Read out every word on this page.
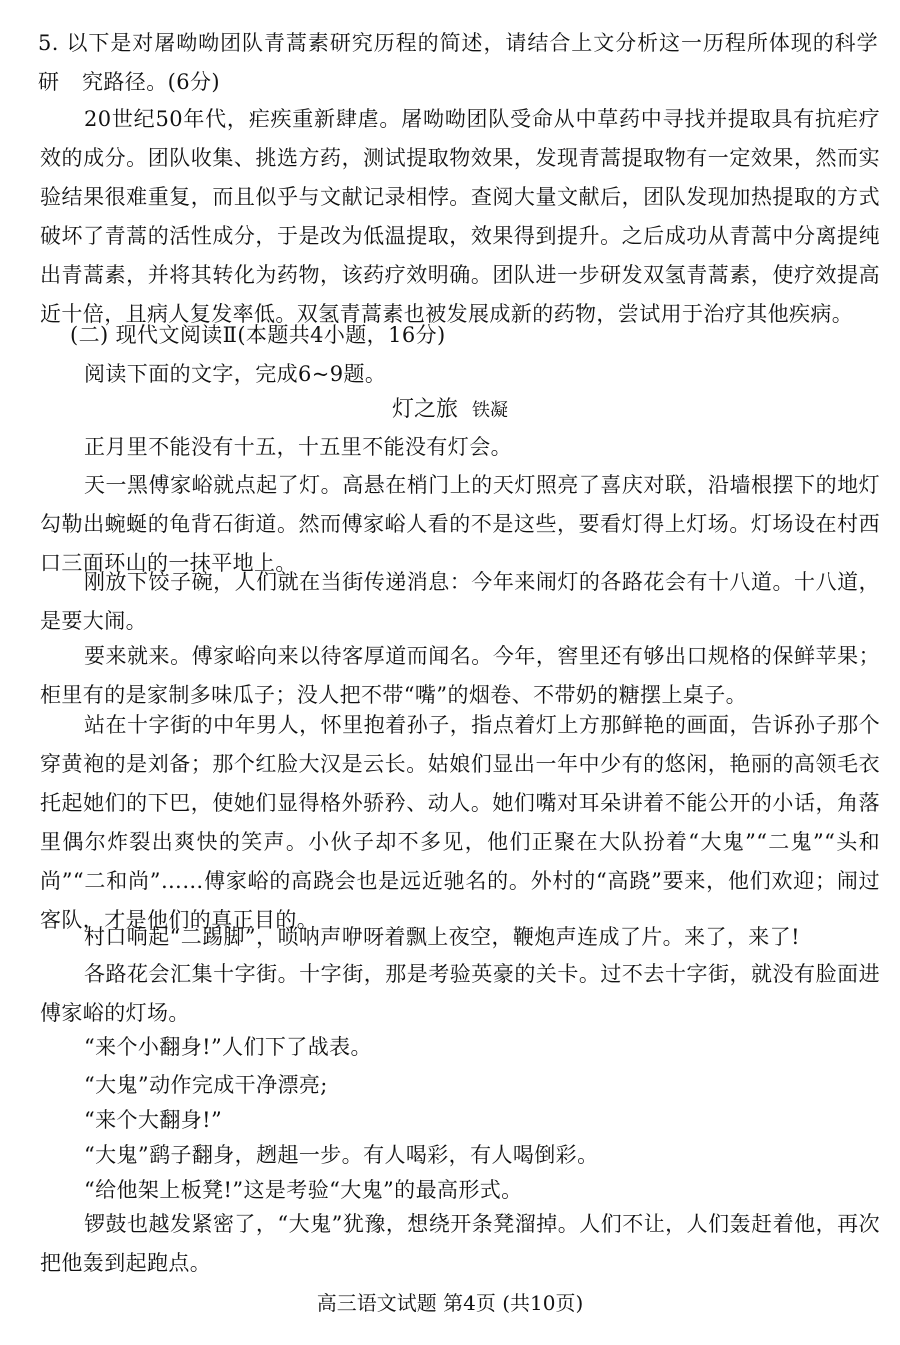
5. 以下是对屠呦呦团队青蒿素研究历程的简述，请结合上文分析这一历程所体现的科学研	究路径。(6分)
20世纪50年代，疟疾重新肆虐。屠呦呦团队受命从中草药中寻找并提取具有抗疟疗效的成分。团队收集、挑选方药，测试提取物效果，发现青蒿提取物有一定效果，然而实验结果很难重复，而且似乎与文献记录相悖。查阅大量文献后，团队发现加热提取的方式破坏了青蒿的活性成分，于是改为低温提取，效果得到提升。之后成功从青蒿中分离提纯出青蒿素，并将其转化为药物，该药疗效明确。团队进一步研发双氢青蒿素，使疗效提高近十倍，且病人复发率低。双氢青蒿素也被发展成新的药物，尝试用于治疗其他疾病。
(二) 现代文阅读Ⅱ(本题共4小题，16分)
阅读下面的文字，完成6~9题。
灯之旅 铁凝
正月里不能没有十五，十五里不能没有灯会。
天一黑傅家峪就点起了灯。高悬在梢门上的天灯照亮了喜庆对联，沿墙根摆下的地灯勾勒出蜿蜒的龟背石街道。然而傅家峪人看的不是这些，要看灯得上灯场。灯场设在村西口三面环山的一抹平地上。
刚放下饺子碗，人们就在当街传递消息：今年来闹灯的各路花会有十八道。十八道，是要大闹。
要来就来。傅家峪向来以待客厚道而闻名。今年，窖里还有够出口规格的保鲜苹果；柜里有的是家制多味瓜子；没人把不带“嘴”的烟卷、不带奶的糖摆上桌子。
站在十字街的中年男人，怀里抱着孙子，指点着灯上方那鲜艳的画面，告诉孙子那个穿黄袍的是刘备；那个红脸大汉是云长。姑娘们显出一年中少有的悠闲，艳丽的高领毛衣托起她们的下巴，使她们显得格外骄矜、动人。她们嘴对耳朵讲着不能公开的小话，角落里偶尔炸裂出爽快的笑声。小伙子却不多见，他们正聚在大队扮着“大鬼”“二鬼”“头和尚”“二和尚”……傅家峪的高跷会也是远近驰名的。外村的“高跷”要来，他们欢迎；闹过客队，才是他们的真正目的。
村口响起“二踢脚”，唢呐声咿呀着飘上夜空，鞭炮声连成了片。来了，来了!
各路花会汇集十字街。十字街，那是考验英豪的关卡。过不去十字街，就没有脸面进傅家峪的灯场。
“来个小翻身!”人们下了战表。
“大鬼”动作完成干净漂亮;
“来个大翻身!”
“大鬼”鹞子翻身，趔趄一步。有人喝彩，有人喝倒彩。
“给他架上板凳!”这是考验“大鬼”的最高形式。
锣鼓也越发紧密了，“大鬼”犹豫，想绕开条凳溜掉。人们不让，人们轰赶着他，再次把他轰到起跑点。
高三语文试题 第4页 (共10页)
